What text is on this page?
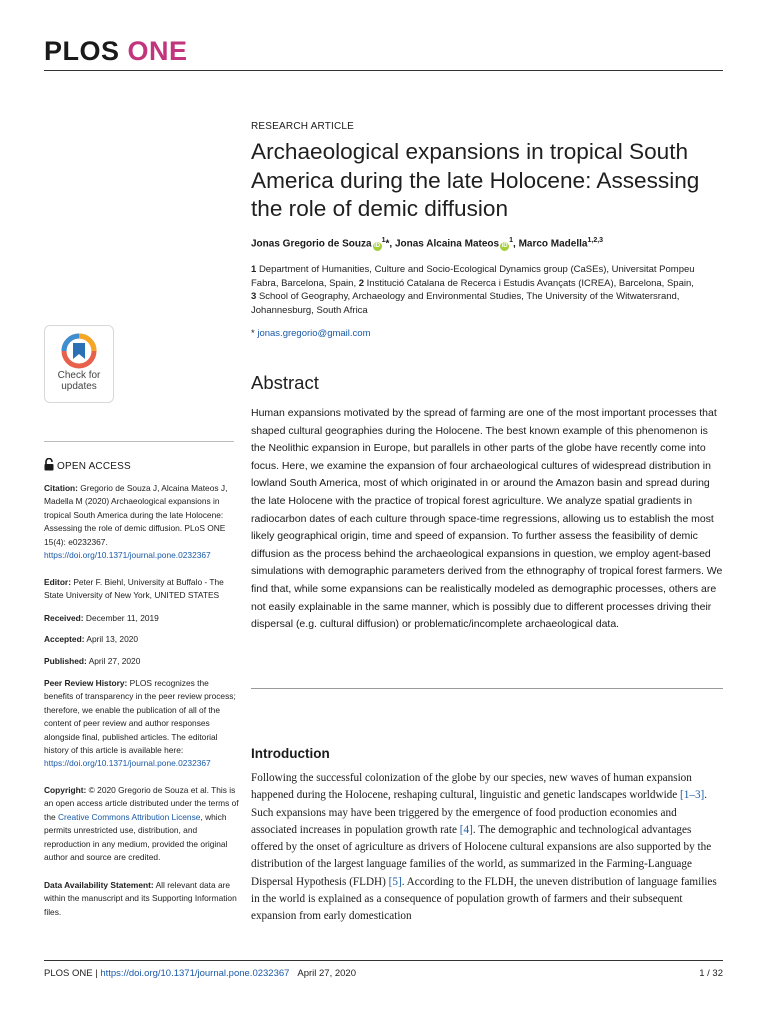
PLOS ONE
RESEARCH ARTICLE
Archaeological expansions in tropical South America during the late Holocene: Assessing the role of demic diffusion
Jonas Gregorio de Souza $iD^1*$, Jonas Alcaina Mateos $iD^1$, Marco Madella$^{1,2,3}$
1 Department of Humanities, Culture and Socio-Ecological Dynamics group (CaSEs), Universitat Pompeu Fabra, Barcelona, Spain, 2 Institució Catalana de Recerca i Estudis Avançats (ICREA), Barcelona, Spain,
3 School of Geography, Archaeology and Environmental Studies, The University of the Witwatersrand, Johannesburg, South Africa
* jonas.gregorio@gmail.com
Abstract
Human expansions motivated by the spread of farming are one of the most important processes that shaped cultural geographies during the Holocene. The best known example of this phenomenon is the Neolithic expansion in Europe, but parallels in other parts of the globe have recently come into focus. Here, we examine the expansion of four archaeological cultures of widespread distribution in lowland South America, most of which originated in or around the Amazon basin and spread during the late Holocene with the practice of tropical forest agriculture. We analyze spatial gradients in radiocarbon dates of each culture through space-time regressions, allowing us to establish the most likely geographical origin, time and speed of expansion. To further assess the feasibility of demic diffusion as the process behind the archaeological expansions in question, we employ agent-based simulations with demographic parameters derived from the ethnography of tropical forest farmers. We find that, while some expansions can be realistically modeled as demographic processes, others are not easily explainable in the same manner, which is possibly due to different processes driving their dispersal (e.g. cultural diffusion) or problematic/incomplete archaeological data.
Introduction
Following the successful colonization of the globe by our species, new waves of human expansion happened during the Holocene, reshaping cultural, linguistic and genetic landscapes worldwide [1–3]. Such expansions may have been triggered by the emergence of food production economies and associated increases in population growth rate [4]. The demographic and technological advantages offered by the onset of agriculture as drivers of Holocene cultural expansions are also supported by the distribution of the largest language families of the world, as summarized in the Farming-Language Dispersal Hypothesis (FLDH) [5]. According to the FLDH, the uneven distribution of language families in the world is explained as a consequence of population growth of farmers and their subsequent expansion from early domestication
Check for
updates
OPEN ACCESS
Citation: Gregorio de Souza J, Alcaina Mateos J, Madella M (2020) Archaeological expansions in tropical South America during the late Holocene: Assessing the role of demic diffusion. PLoS ONE 15(4): e0232367. https://doi.org/10.1371/journal.pone.0232367
Editor: Peter F. Biehl, University at Buffalo - The State University of New York, UNITED STATES
Received: December 11, 2019
Accepted: April 13, 2020
Published: April 27, 2020
Peer Review History: PLOS recognizes the benefits of transparency in the peer review process; therefore, we enable the publication of all of the content of peer review and author responses alongside final, published articles. The editorial history of this article is available here: https://doi.org/10.1371/journal.pone.0232367
Copyright: © 2020 Gregorio de Souza et al. This is an open access article distributed under the terms of the Creative Commons Attribution License, which permits unrestricted use, distribution, and reproduction in any medium, provided the original author and source are credited.
Data Availability Statement: All relevant data are within the manuscript and its Supporting Information files.
PLOS ONE | https://doi.org/10.1371/journal.pone.0232367 April 27, 2020	1 / 32
